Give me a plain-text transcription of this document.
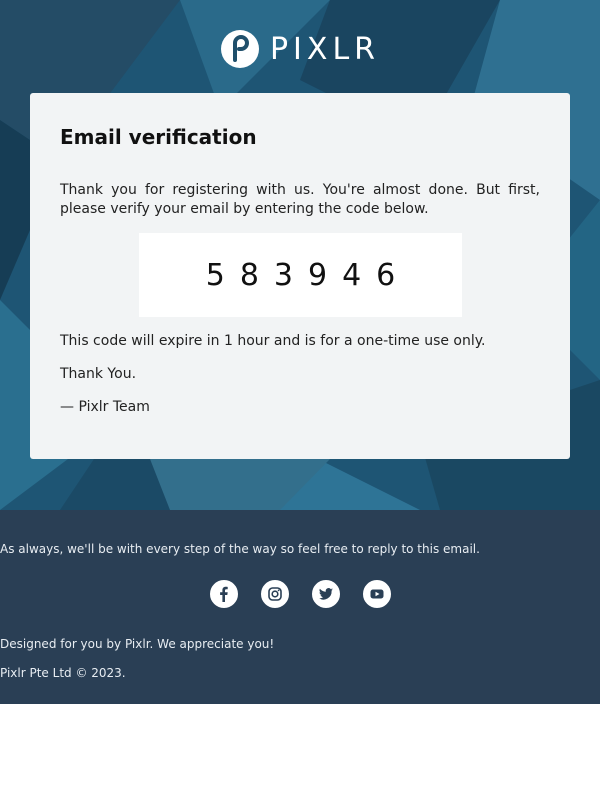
PIXLR
Email verification

Thank you for registering with us. You're almost done. But first, please verify your email by entering the code below.

583946

This code will expire in 1 hour and is for a one-time use only.

Thank You.

— Pixlr Team

As always, we'll be with every step of the way so feel free to reply to this email.

Designed for you by Pixlr. We appreciate you!

Pixlr Pte Ltd © 2023.
